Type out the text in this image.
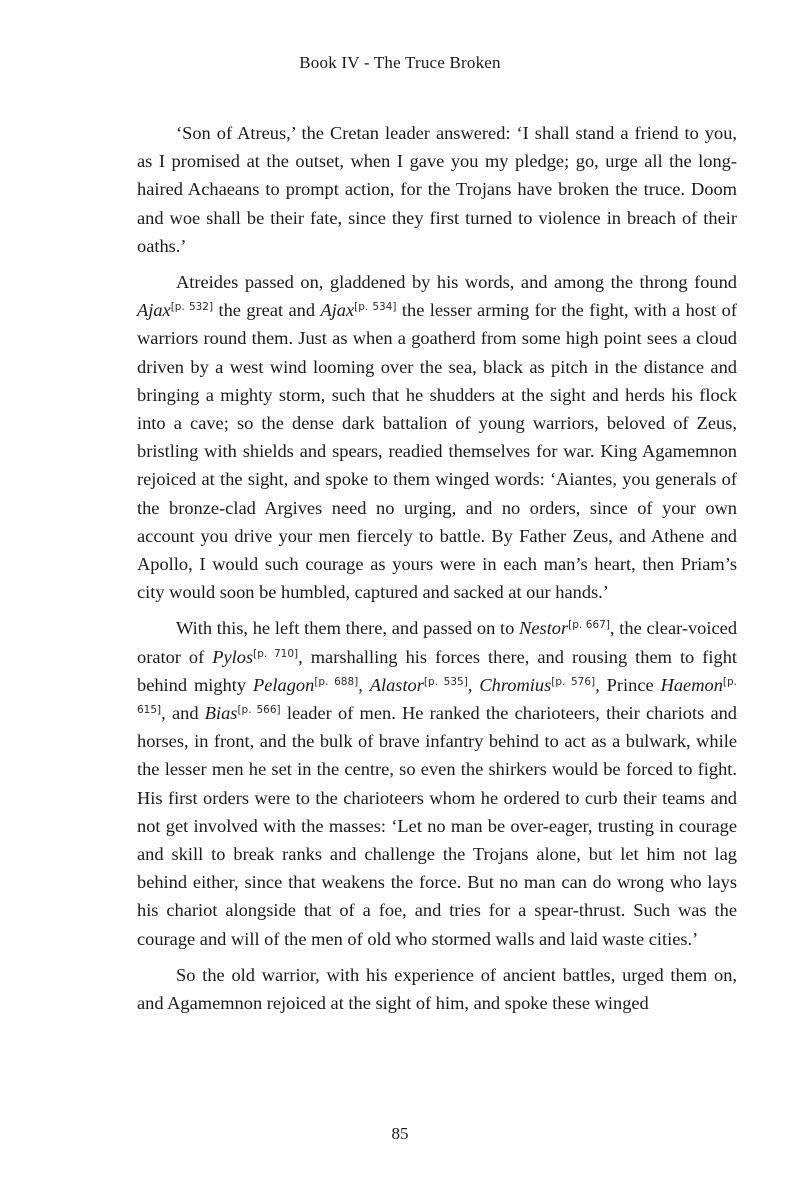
Book IV - The Truce Broken

‘Son of Atreus,’ the Cretan leader answered: ‘I shall stand a friend to you, as I promised at the outset, when I gave you my pledge; go, urge all the long-haired Achaeans to prompt action, for the Trojans have broken the truce. Doom and woe shall be their fate, since they first turned to violence in breach of their oaths.’

Atreides passed on, gladdened by his words, and among the throng found Ajax[p. 532] the great and Ajax[p. 534] the lesser arming for the fight, with a host of warriors round them. Just as when a goatherd from some high point sees a cloud driven by a west wind looming over the sea, black as pitch in the distance and bringing a mighty storm, such that he shudders at the sight and herds his flock into a cave; so the dense dark battalion of young warriors, beloved of Zeus, bristling with shields and spears, readied themselves for war. King Agamemnon rejoiced at the sight, and spoke to them winged words: ‘Aiantes, you generals of the bronze-clad Argives need no urging, and no orders, since of your own account you drive your men fiercely to battle. By Father Zeus, and Athene and Apollo, I would such courage as yours were in each man’s heart, then Priam’s city would soon be humbled, captured and sacked at our hands.’

With this, he left them there, and passed on to Nestor[p. 667], the clear-voiced orator of Pylos[p. 710], marshalling his forces there, and rousing them to fight behind mighty Pelagon[p. 688], Alastor[p. 535], Chromius[p. 576], Prince Haemon[p. 615], and Bias[p. 566] leader of men. He ranked the charioteers, their chariots and horses, in front, and the bulk of brave infantry behind to act as a bulwark, while the lesser men he set in the centre, so even the shirkers would be forced to fight. His first orders were to the charioteers whom he ordered to curb their teams and not get involved with the masses: ‘Let no man be over-eager, trusting in courage and skill to break ranks and challenge the Trojans alone, but let him not lag behind either, since that weakens the force. But no man can do wrong who lays his chariot alongside that of a foe, and tries for a spear-thrust. Such was the courage and will of the men of old who stormed walls and laid waste cities.’

So the old warrior, with his experience of ancient battles, urged them on, and Agamemnon rejoiced at the sight of him, and spoke these winged

85
